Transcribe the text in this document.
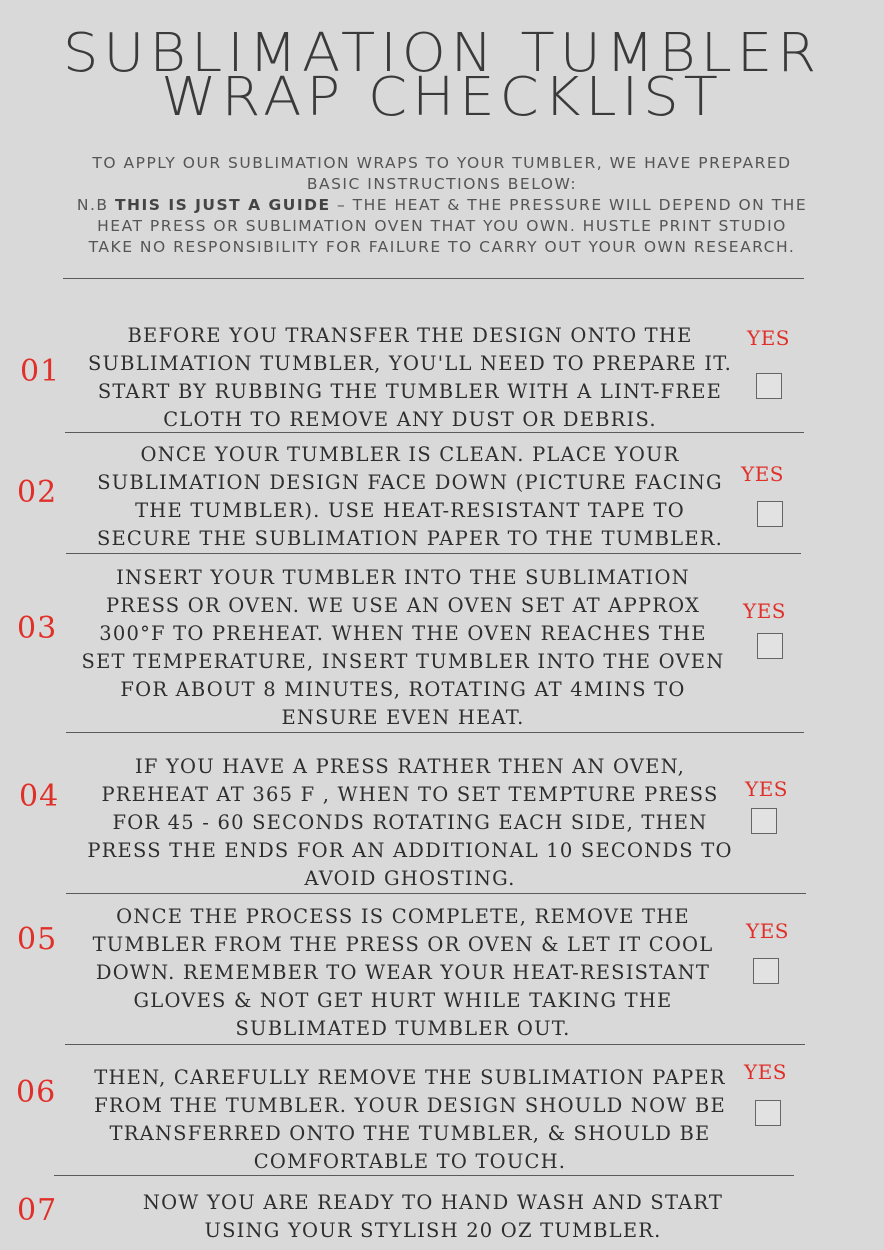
SUBLIMATION TUMBLER
WRAP CHECKLIST
TO APPLY OUR SUBLIMATION WRAPS TO YOUR TUMBLER, WE HAVE PREPARED
BASIC INSTRUCTIONS BELOW:
N.B THIS IS JUST A GUIDE – THE HEAT & THE PRESSURE WILL DEPEND ON THE
HEAT PRESS OR SUBLIMATION OVEN THAT YOU OWN. HUSTLE PRINT STUDIO
TAKE NO RESPONSIBILITY FOR FAILURE TO CARRY OUT YOUR OWN RESEARCH.
01
BEFORE YOU TRANSFER THE DESIGN ONTO THE
SUBLIMATION TUMBLER, YOU'LL NEED TO PREPARE IT.
START BY RUBBING THE TUMBLER WITH A LINT-FREE
CLOTH TO REMOVE ANY DUST OR DEBRIS.
YES
02
ONCE YOUR TUMBLER IS CLEAN. PLACE YOUR
SUBLIMATION DESIGN FACE DOWN (PICTURE FACING
THE TUMBLER). USE HEAT-RESISTANT TAPE TO
SECURE THE SUBLIMATION PAPER TO THE TUMBLER.
YES
03
INSERT YOUR TUMBLER INTO THE SUBLIMATION
PRESS OR OVEN. WE USE AN OVEN SET AT APPROX
300°F TO PREHEAT. WHEN THE OVEN REACHES THE
SET TEMPERATURE, INSERT TUMBLER INTO THE OVEN
FOR ABOUT 8 MINUTES, ROTATING AT 4MINS TO
ENSURE EVEN HEAT.
YES
04
IF YOU HAVE A PRESS RATHER THEN AN OVEN,
PREHEAT AT 365 F , WHEN TO SET TEMPTURE PRESS
FOR 45 - 60 SECONDS ROTATING EACH SIDE, THEN
PRESS THE ENDS FOR AN ADDITIONAL 10 SECONDS TO
AVOID GHOSTING.
YES
05
ONCE THE PROCESS IS COMPLETE, REMOVE THE
TUMBLER FROM THE PRESS OR OVEN & LET IT COOL
DOWN. REMEMBER TO WEAR YOUR HEAT-RESISTANT
GLOVES & NOT GET HURT WHILE TAKING THE
SUBLIMATED TUMBLER OUT.
YES
06	THEN, CAREFULLY REMOVE THE SUBLIMATION PAPER
FROM THE TUMBLER. YOUR DESIGN SHOULD NOW BE
TRANSFERRED ONTO THE TUMBLER, & SHOULD BE
COMFORTABLE TO TOUCH.
YES
07	NOW YOU ARE READY TO HAND WASH AND START
USING YOUR STYLISH 20 OZ TUMBLER.
